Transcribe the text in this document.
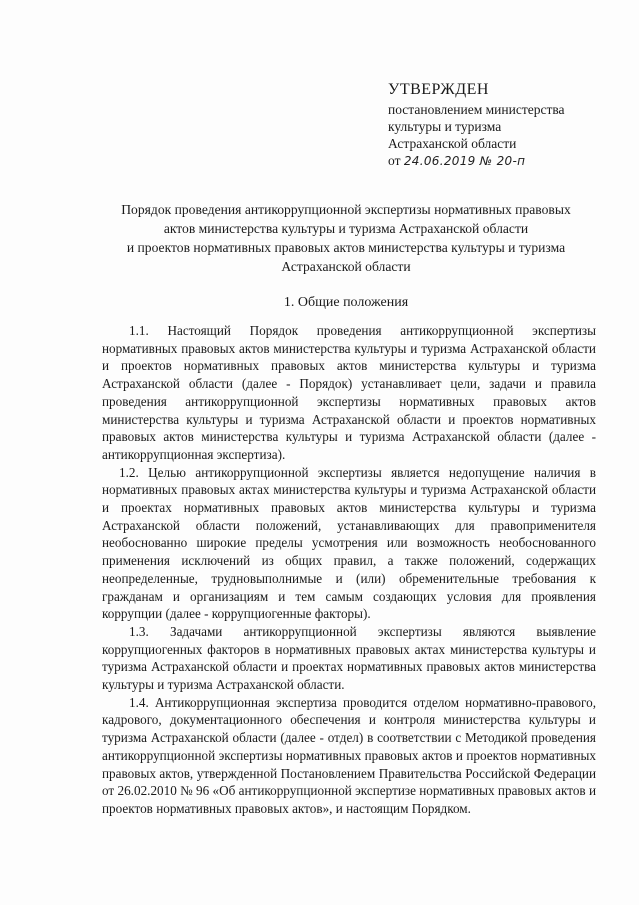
УТВЕРЖДЕН
постановлением министерства
культуры и туризма
Астраханской области
от 24.06.2019 № 20-п
Порядок проведения антикоррупционной экспертизы нормативных правовых
актов министерства культуры и туризма Астраханской области
и проектов нормативных правовых актов министерства культуры и туризма
Астраханской области
1. Общие положения

1.1. Настоящий Порядок проведения антикоррупционной экспертизы нормативных правовых актов министерства культуры и туризма Астраханской области и проектов нормативных правовых актов министерства культуры и туризма Астраханской области (далее - Порядок) устанавливает цели, задачи и правила проведения антикоррупционной экспертизы нормативных правовых актов министерства культуры и туризма Астраханской области и проектов нормативных правовых актов министерства культуры и туризма Астраханской области (далее - антикоррупционная экспертиза).

1.2. Целью антикоррупционной экспертизы является недопущение наличия в нормативных правовых актах министерства культуры и туризма Астраханской области и проектах нормативных правовых актов министерства культуры и туризма Астраханской области положений, устанавливающих для правоприменителя необоснованно широкие пределы усмотрения или возможность необоснованного применения исключений из общих правил, а также положений, содержащих неопределенные, трудновыполнимые и (или) обременительные требования к гражданам и организациям и тем самым создающих условия для проявления коррупции (далее - коррупциогенные факторы).

1.3. Задачами антикоррупционной экспертизы являются выявление коррупциогенных факторов в нормативных правовых актах министерства культуры и туризма Астраханской области и проектах нормативных правовых актов министерства культуры и туризма Астраханской области.

1.4. Антикоррупционная экспертиза проводится отделом нормативно-правового, кадрового, документационного обеспечения и контроля министерства культуры и туризма Астраханской области (далее - отдел) в соответствии с Методикой проведения антикоррупционной экспертизы нормативных правовых актов и проектов нормативных правовых актов, утвержденной Постановлением Правительства Российской Федерации от 26.02.2010 № 96 «Об антикоррупционной экспертизе нормативных правовых актов и проектов нормативных правовых актов», и настоящим Порядком.
